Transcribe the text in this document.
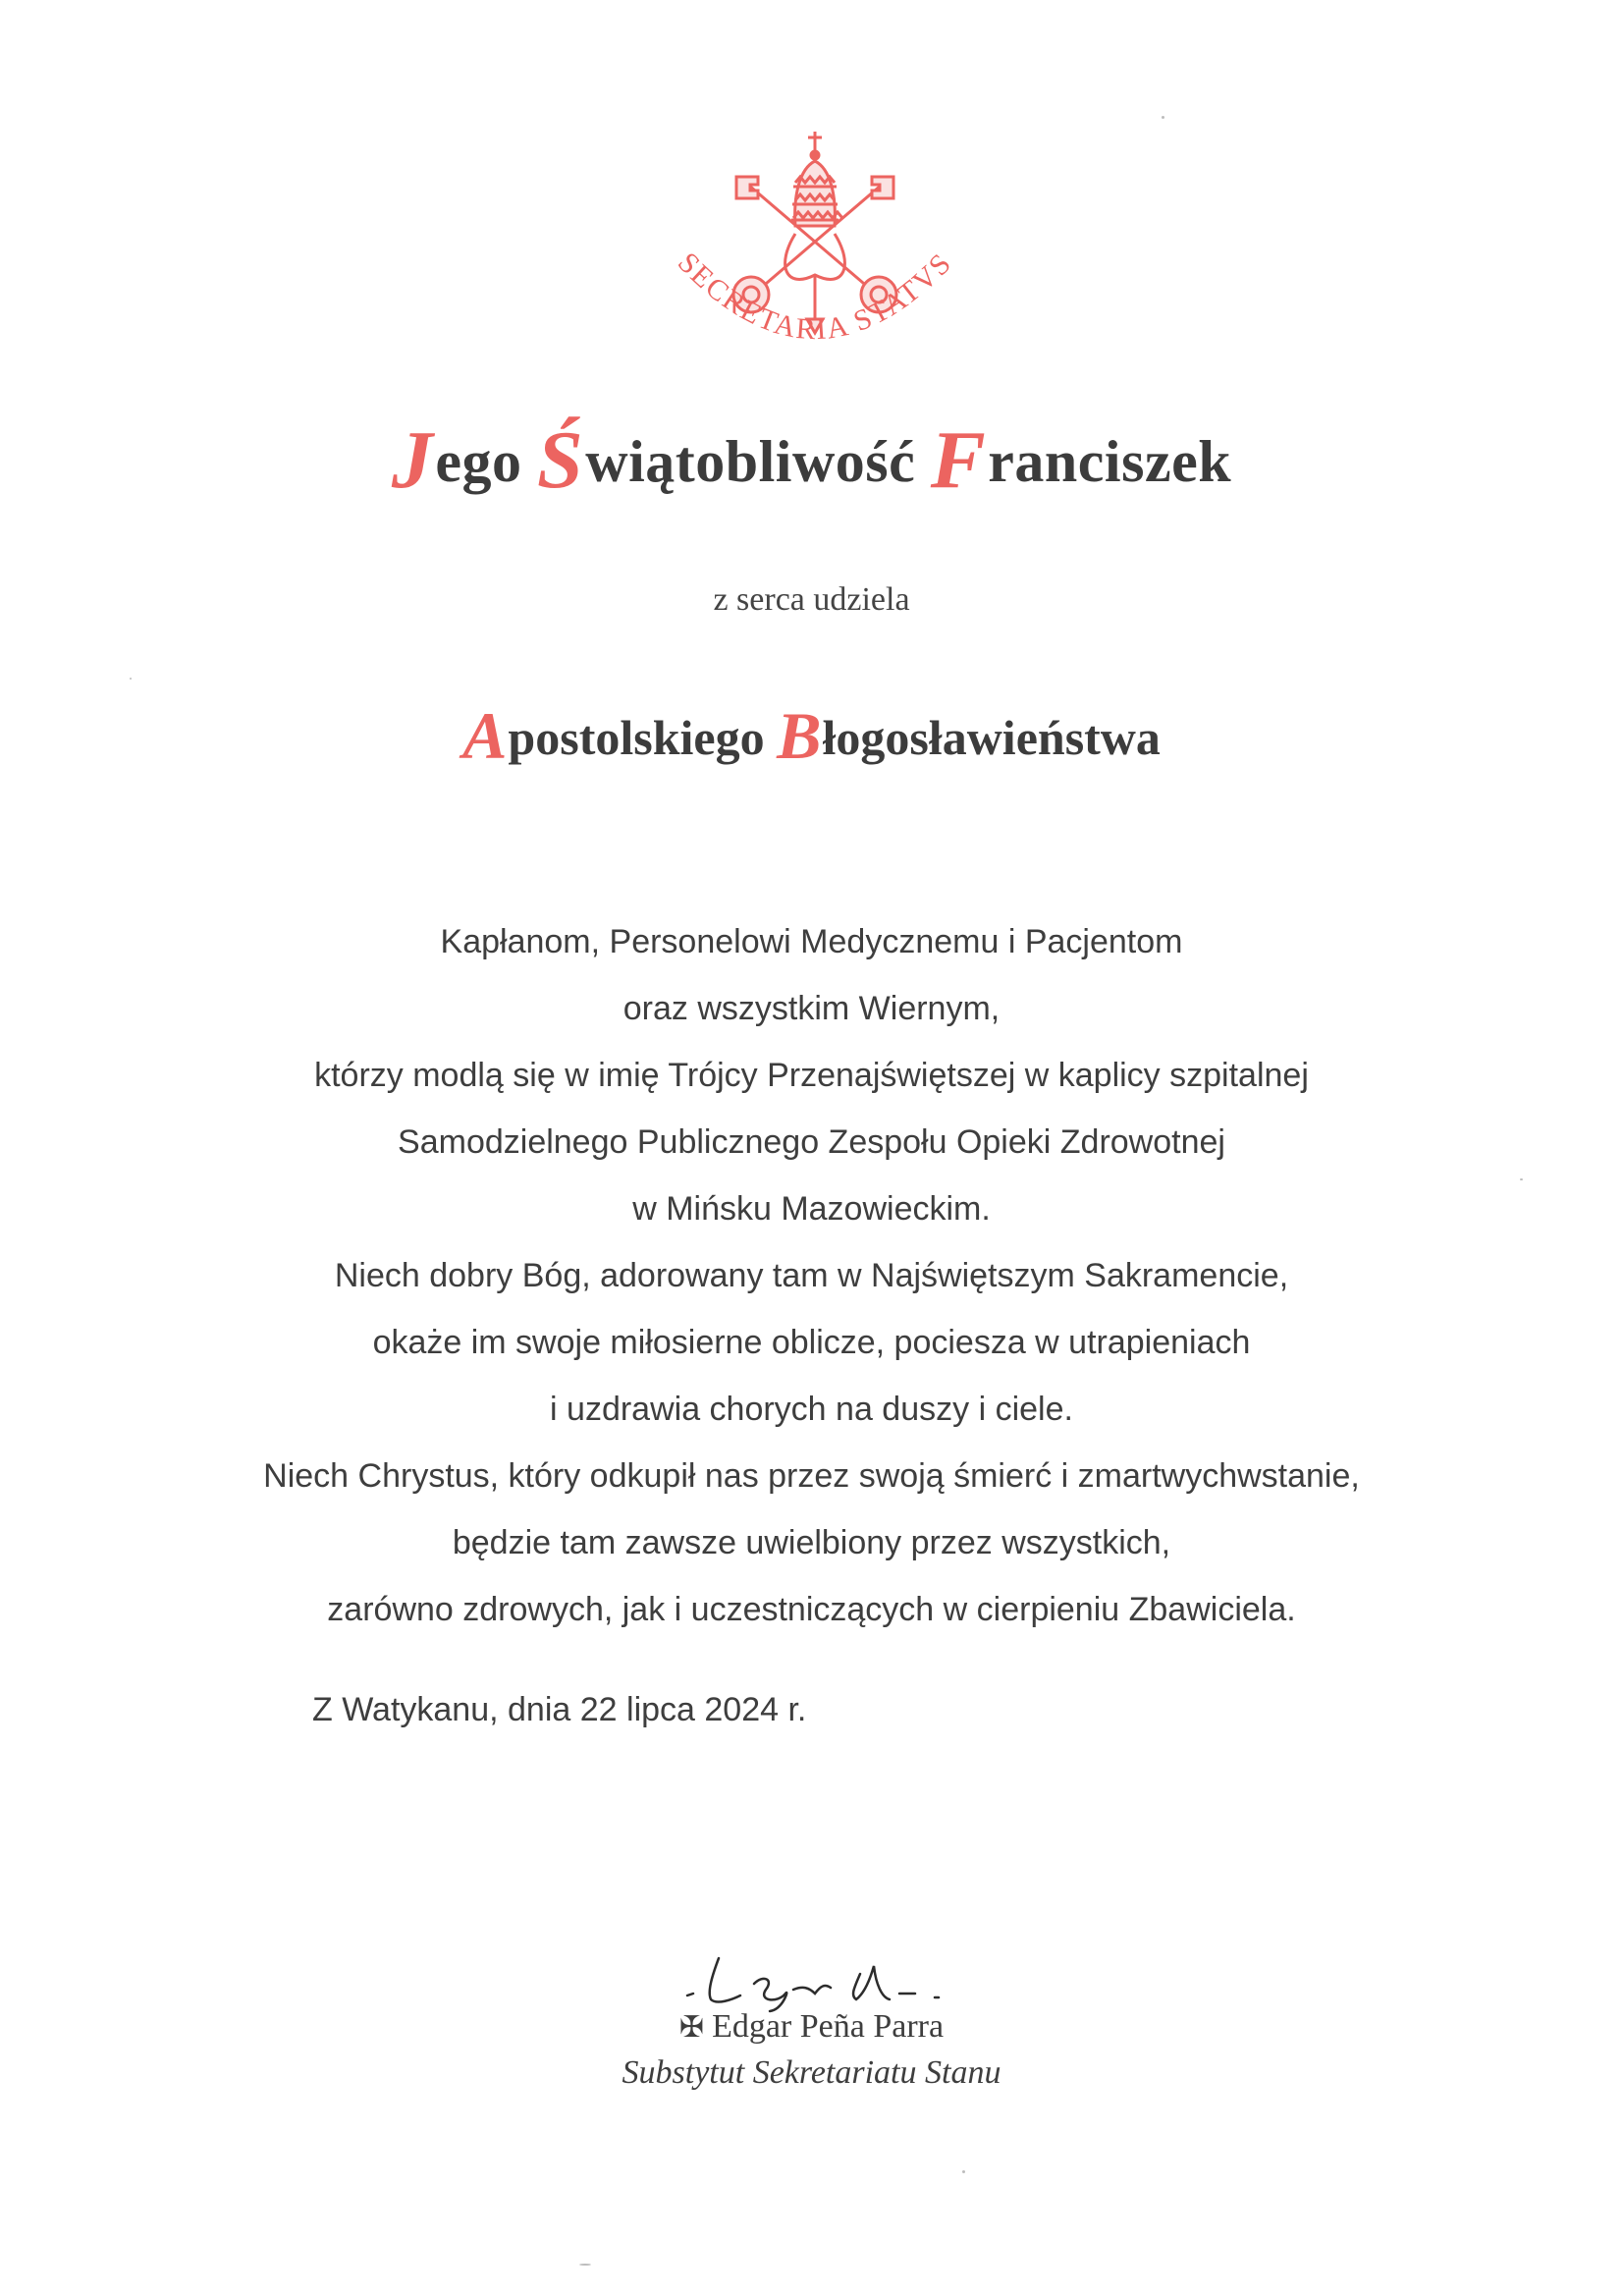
SECRETARIA STATVS
Jego Świątobliwość Franciszek
z serca udziela
Apostolskiego Błogosławieństwa
Kapłanom, Personelowi Medycznemu i Pacjentom
oraz wszystkim Wiernym,
którzy modlą się w imię Trójcy Przenajświętszej w kaplicy szpitalnej
Samodzielnego Publicznego Zespołu Opieki Zdrowotnej
w Mińsku Mazowieckim.
Niech dobry Bóg, adorowany tam w Najświętszym Sakramencie,
okaże im swoje miłosierne oblicze, pociesza w utrapieniach
i uzdrawia chorych na duszy i ciele.
Niech Chrystus, który odkupił nas przez swoją śmierć i zmartwychwstanie,
będzie tam zawsze uwielbiony przez wszystkich,
zarówno zdrowych, jak i uczestniczących w cierpieniu Zbawiciela.
Z Watykanu, dnia 22 lipca 2024 r.
✠ Edgar Peña Parra
Substytut Sekretariatu Stanu
